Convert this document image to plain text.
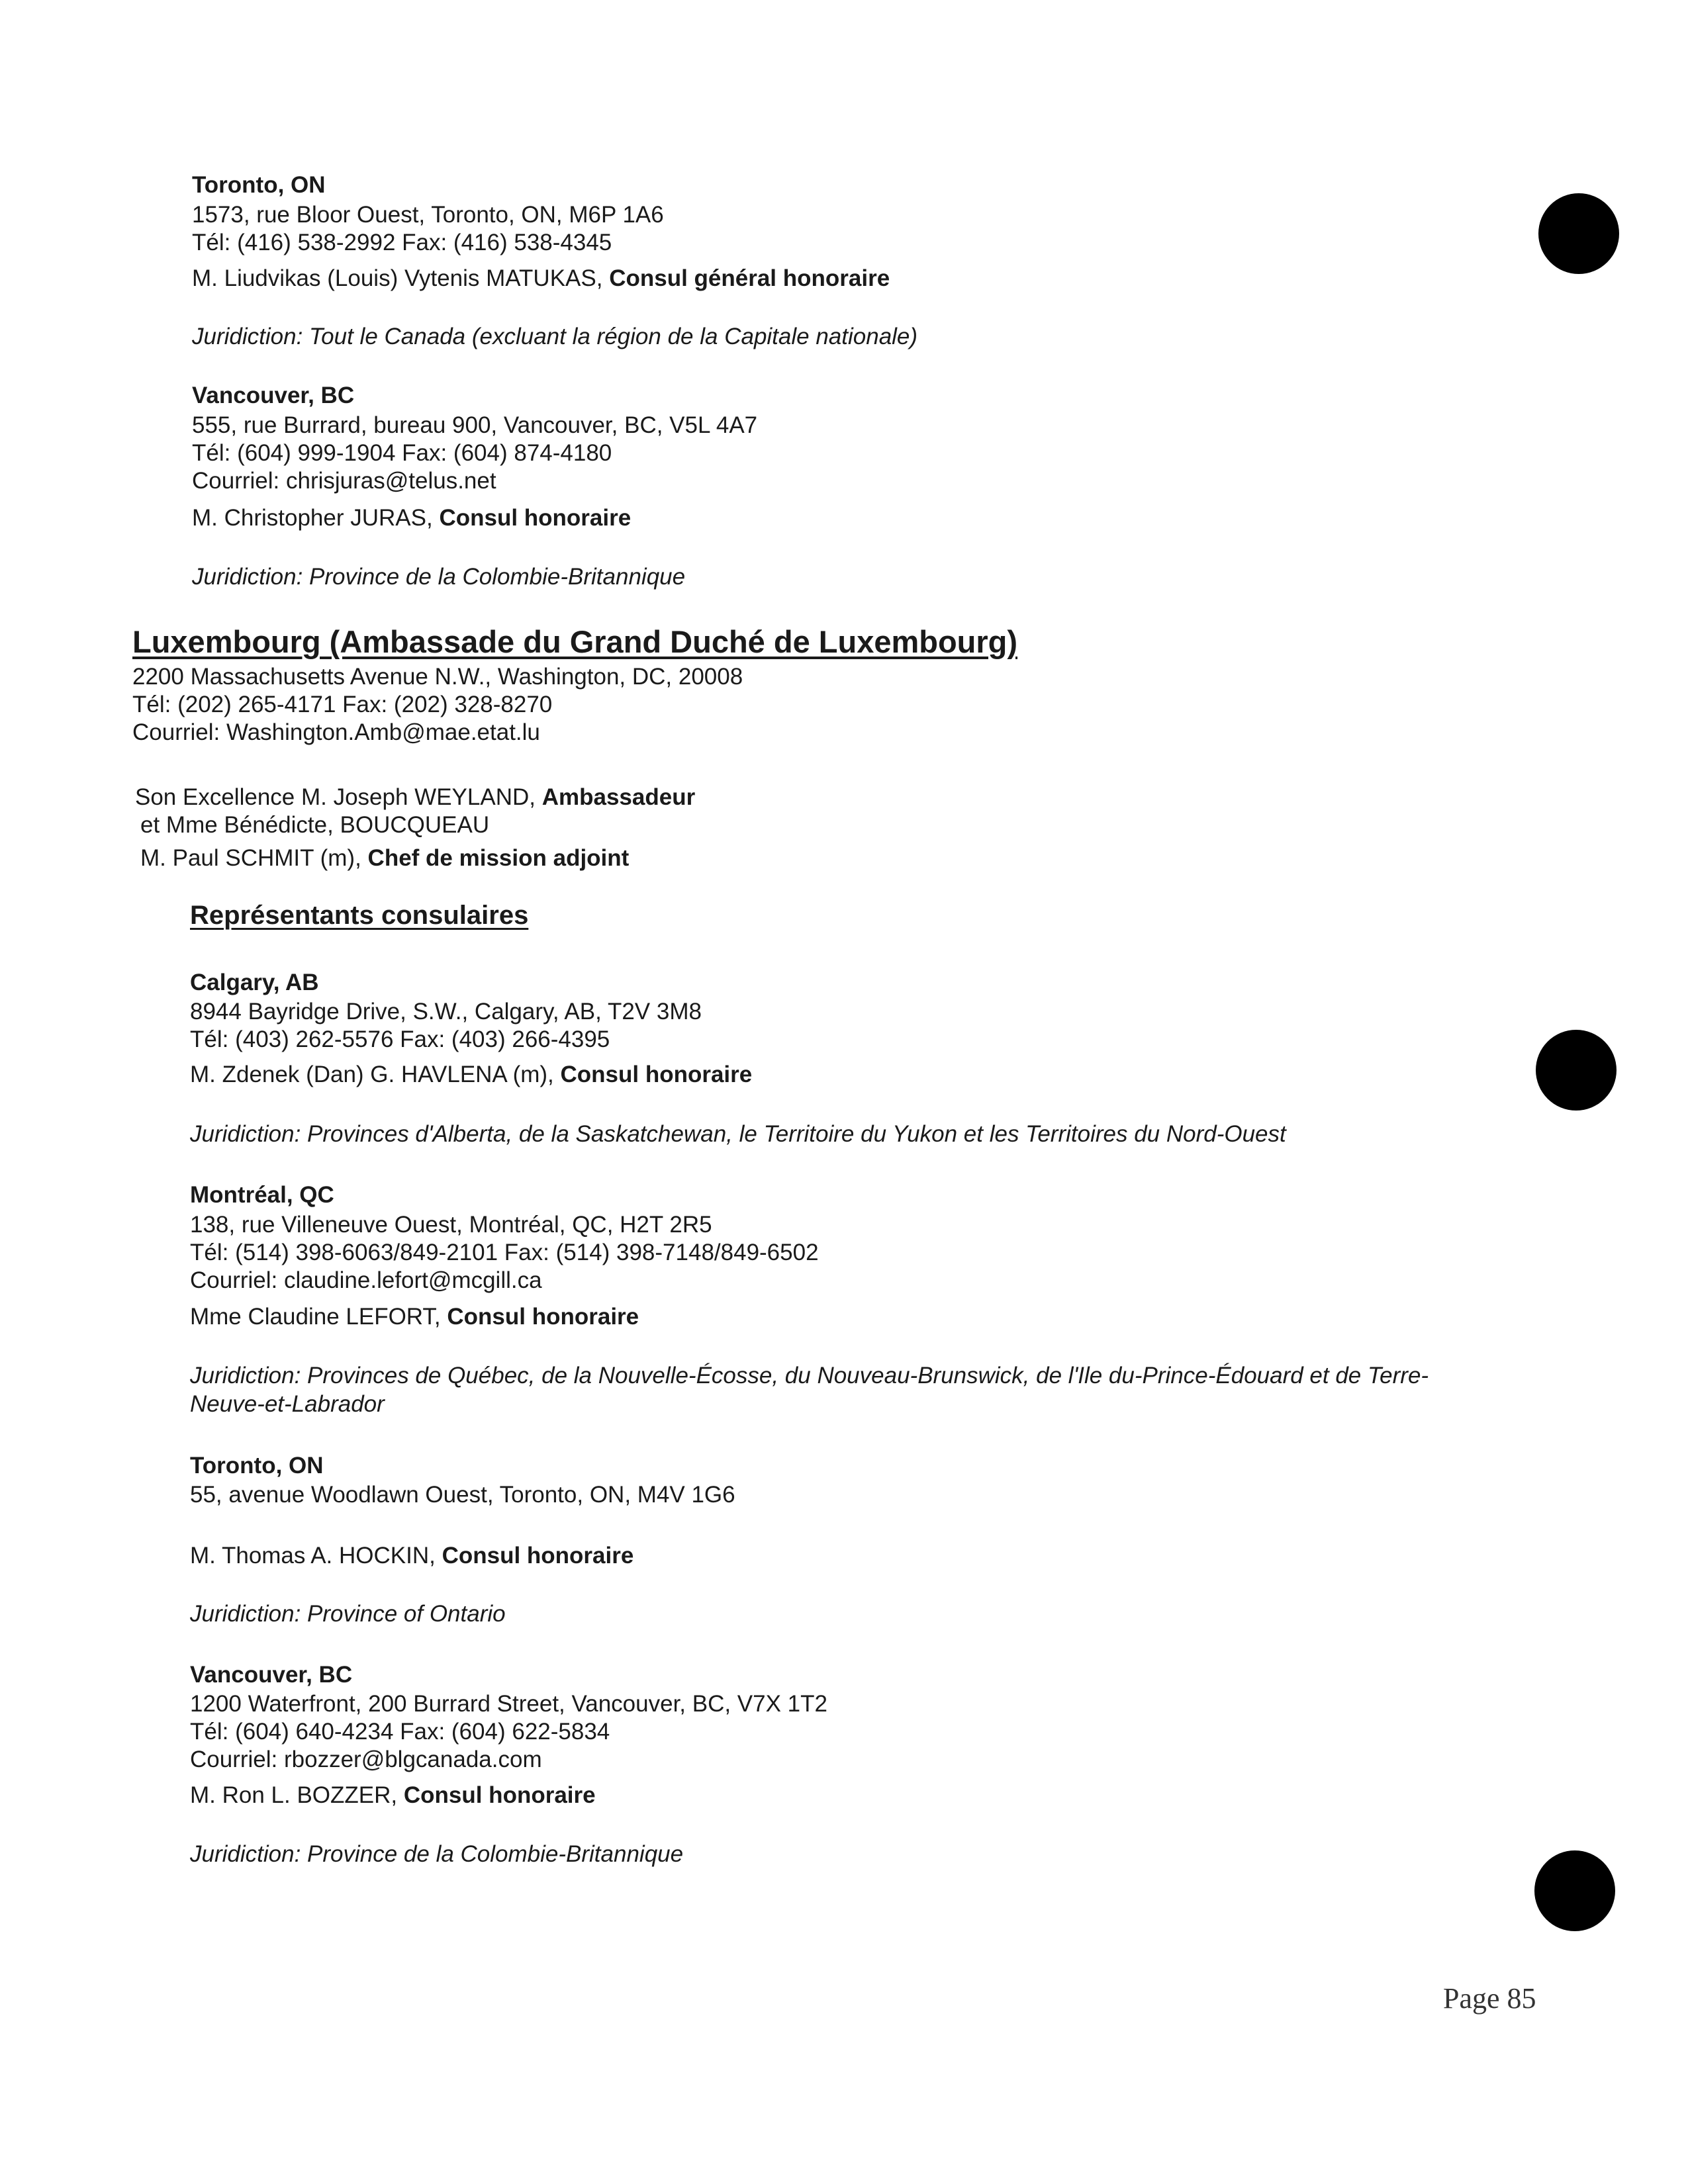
Toronto, ON
1573, rue Bloor Ouest, Toronto, ON, M6P 1A6
Tél: (416) 538-2992 Fax: (416) 538-4345
M. Liudvikas (Louis) Vytenis MATUKAS, Consul général honoraire
Juridiction: Tout le Canada (excluant la région de la Capitale nationale)
Vancouver, BC
555, rue Burrard, bureau 900, Vancouver, BC, V5L 4A7
Tél: (604) 999-1904 Fax: (604) 874-4180
Courriel: chrisjuras@telus.net
M. Christopher JURAS, Consul honoraire
Juridiction: Province de la Colombie-Britannique
Luxembourg (Ambassade du Grand Duché de Luxembourg)
2200 Massachusetts Avenue N.W., Washington, DC, 20008
Tél: (202) 265-4171 Fax: (202) 328-8270
Courriel: Washington.Amb@mae.etat.lu
Son Excellence M. Joseph WEYLAND, Ambassadeur
et Mme Bénédicte, BOUCQUEAU
M. Paul SCHMIT (m), Chef de mission adjoint
Représentants consulaires
Calgary, AB
8944 Bayridge Drive, S.W., Calgary, AB, T2V 3M8
Tél: (403) 262-5576 Fax: (403) 266-4395
M. Zdenek (Dan) G. HAVLENA (m), Consul honoraire
Juridiction: Provinces d'Alberta, de la Saskatchewan, le Territoire du Yukon et les Territoires du Nord-Ouest
Montréal, QC
138, rue Villeneuve Ouest, Montréal, QC, H2T 2R5
Tél: (514) 398-6063/849-2101 Fax: (514) 398-7148/849-6502
Courriel: claudine.lefort@mcgill.ca
Mme Claudine LEFORT, Consul honoraire
Juridiction: Provinces de Québec, de la Nouvelle-Écosse, du Nouveau-Brunswick, de l'Ile du-Prince-Édouard et de Terre-
Neuve-et-Labrador
Toronto, ON
55, avenue Woodlawn Ouest, Toronto, ON, M4V 1G6
M. Thomas A. HOCKIN, Consul honoraire
Juridiction: Province of Ontario
Vancouver, BC
1200 Waterfront, 200 Burrard Street, Vancouver, BC, V7X 1T2
Tél: (604) 640-4234 Fax: (604) 622-5834
Courriel: rbozzer@blgcanada.com
M. Ron L. BOZZER, Consul honoraire
Juridiction: Province de la Colombie-Britannique
Page 85
